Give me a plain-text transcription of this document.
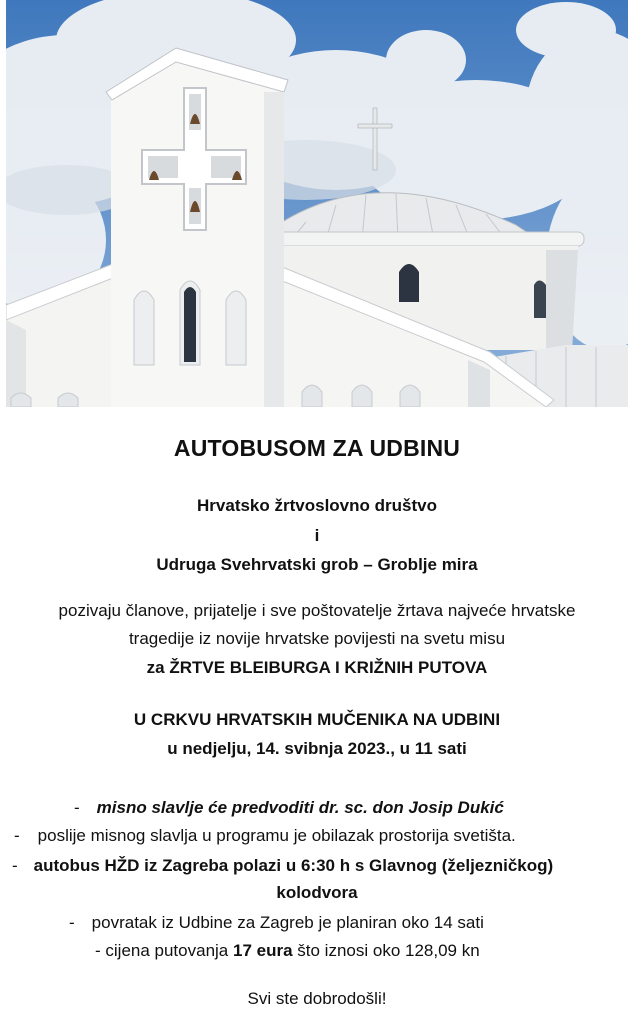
AUTOBUSOM ZA UDBINU
Hrvatsko žrtvoslovno društvo
i
Udruga Svehrvatski grob – Groblje mira
pozivaju članove, prijatelje i sve poštovatelje žrtava najveće hrvatske
tragedije iz novije hrvatske povijesti na svetu misu
za ŽRTVE BLEIBURGA I KRIŽNIH PUTOVA
U CRKVU HRVATSKIH MUČENIKA NA UDBINI
u nedjelju, 14. svibnja 2023., u 11 sati
- misno slavlje će predvoditi dr. sc. don Josip Dukić
- poslije misnog slavlja u programu je obilazak prostorija svetišta.
- autobus HŽD iz Zagreba polazi u 6:30 h s Glavnog (željezničkog)
kolodvora
- povratak iz Udbine za Zagreb je planiran oko 14 sati
- cijena putovanja 17 eura što iznosi oko 128,09 kn
Svi ste dobrodošli!
